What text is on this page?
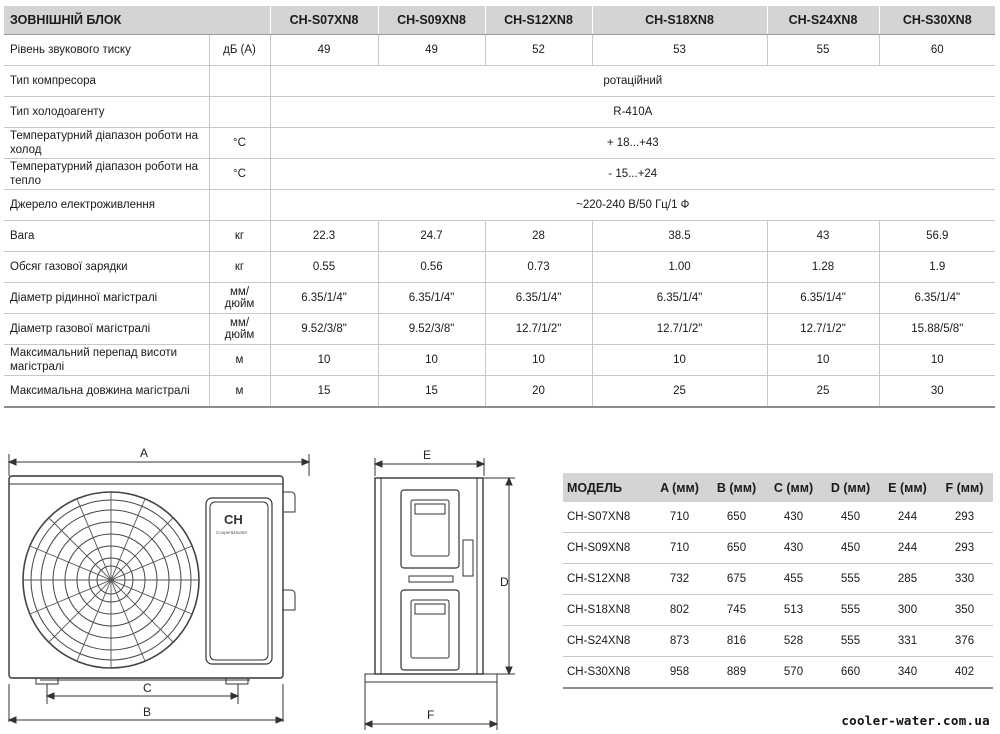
ЗОВНІШНІЙ БЛОК		CH-S07XN8	CH-S09XN8	CH-S12XN8	CH-S18XN8	CH-S24XN8	CH-S30XN8
Рівень звукового тиску	дБ (А)	49	49	52	53	55	60
Тип компресора		ротаційний					
Тип холодоагенту		R-410A					
Температурний діапазон роботи на холод	°C	+ 18...+43					
Температурний діапазон роботи на тепло	°C	- 15...+24					
Джерело електроживлення		~220-240 В/50 Гц/1 Ф					
Вага	кг	22.3	24.7	28	38.5	43	56.9
Обсяг газової зарядки	кг	0.55	0.56	0.73	1.00	1.28	1.9
Діаметр рідинної магістралі	мм/дюйм	6.35/1/4"	6.35/1/4"	6.35/1/4"	6.35/1/4"	6.35/1/4"	6.35/1/4"
Діаметр газової магістралі	мм/дюйм	9.52/3/8"	9.52/3/8"	12.7/1/2"	12.7/1/2"	12.7/1/2"	15.88/5/8"
Максимальний перепад висоти магістралі	м	10	10	10	10	10	10
Максимальна довжина магістралі	м	15	15	20	25	25	30
CH
Cooper&Hunter
A
C
B
E
D
F
МОДЕЛЬ	A (мм)	B (мм)	C (мм)	D (мм)	E (мм)	F (мм)
CH-S07XN8	710	650	430	450	244	293
CH-S09XN8	710	650	430	450	244	293
CH-S12XN8	732	675	455	555	285	330
CH-S18XN8	802	745	513	555	300	350
CH-S24XN8	873	816	528	555	331	376
CH-S30XN8	958	889	570	660	340	402
cooler-water.com.ua
